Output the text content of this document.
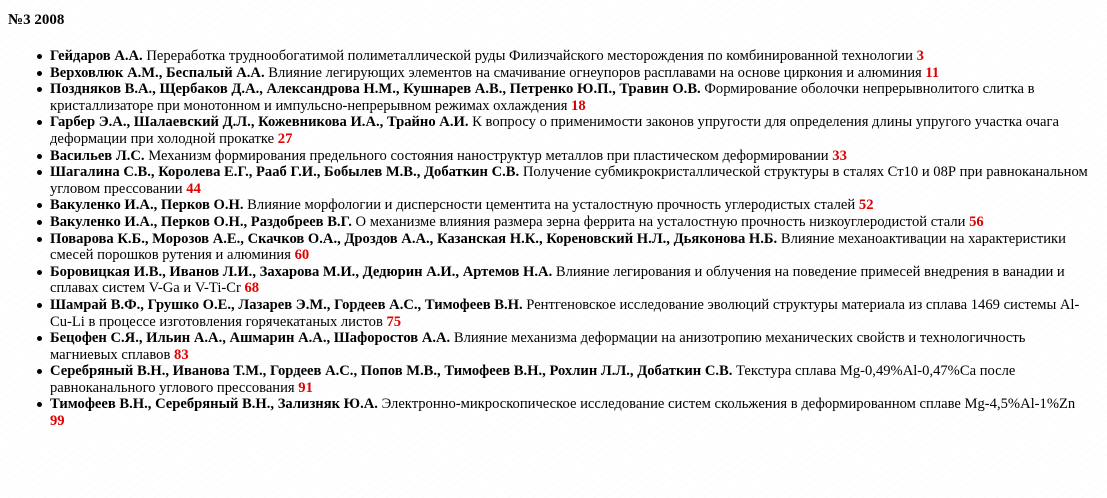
№3 2008
Гейдаров А.А. Переработка труднообогатимой полиметаллической руды Филизчайского месторождения по комбинированной технологии 3
Верховлюк А.М., Беспалый А.А. Влияние легирующих элементов на смачивание огнеупоров расплавами на основе циркония и алюминия 11
Поздняков В.А., Щербаков Д.А., Александрова Н.М., Кушнарев А.В., Петренко Ю.П., Травин О.В. Формирование оболочки непрерывнолитого слитка в кристаллизаторе при монотонном и импульсно-непрерывном режимах охлаждения 18
Гарбер Э.А., Шалаевский Д.Л., Кожевникова И.А., Трайно А.И. К вопросу о применимости законов упругости для определения длины упругого участка очага деформации при холодной прокатке 27
Васильев Л.С. Механизм формирования предельного состояния наноструктур металлов при пластическом деформировании 33
Шагалина С.В., Королева Е.Г., Рааб Г.И., Бобылев М.В., Добаткин С.В. Получение субмикрокристаллической структуры в сталях Ст10 и 08Р при равноканальном угловом прессовании 44
Вакуленко И.А., Перков О.Н. Влияние морфологии и дисперсности цементита на усталостную прочность углеродистых сталей 52
Вакуленко И.А., Перков О.Н., Раздобреев В.Г. О механизме влияния размера зерна феррита на усталостную прочность низкоуглеродистой стали 56
Поварова К.Б., Морозов А.Е., Скачков О.А., Дроздов А.А., Казанская Н.К., Кореновский Н.Л., Дьяконова Н.Б. Влияние механоактивации на характеристики смесей порошков рутения и алюминия 60
Боровицкая И.В., Иванов Л.И., Захарова М.И., Дедюрин А.И., Артемов Н.А. Влияние легирования и облучения на поведение примесей внедрения в ванадии и сплавах систем V-Ga и V-Ti-Cr 68
Шамрай В.Ф., Грушко О.Е., Лазарев Э.М., Гордеев А.С., Тимофеев В.Н. Рентгеновское исследование эволюций структуры материала из сплава 1469 системы Al-Cu-Li в процессе изготовления горячекатаных листов 75
Бецофен С.Я., Ильин А.А., Ашмарин А.А., Шафоростов А.А. Влияние механизма деформации на анизотропию механических свойств и технологичность магниевых сплавов 83
Серебряный В.Н., Иванова Т.М., Гордеев А.С., Попов М.В., Тимофеев В.Н., Рохлин Л.Л., Добаткин С.В. Текстура сплава Mg-0,49%Al-0,47%Ca после равноканального углового прессования 91
Тимофеев В.Н., Серебряный В.Н., Зализняк Ю.А. Электронно-микроскопическое исследование систем скольжения в деформированном сплаве Mg-4,5%Al-1%Zn 99
